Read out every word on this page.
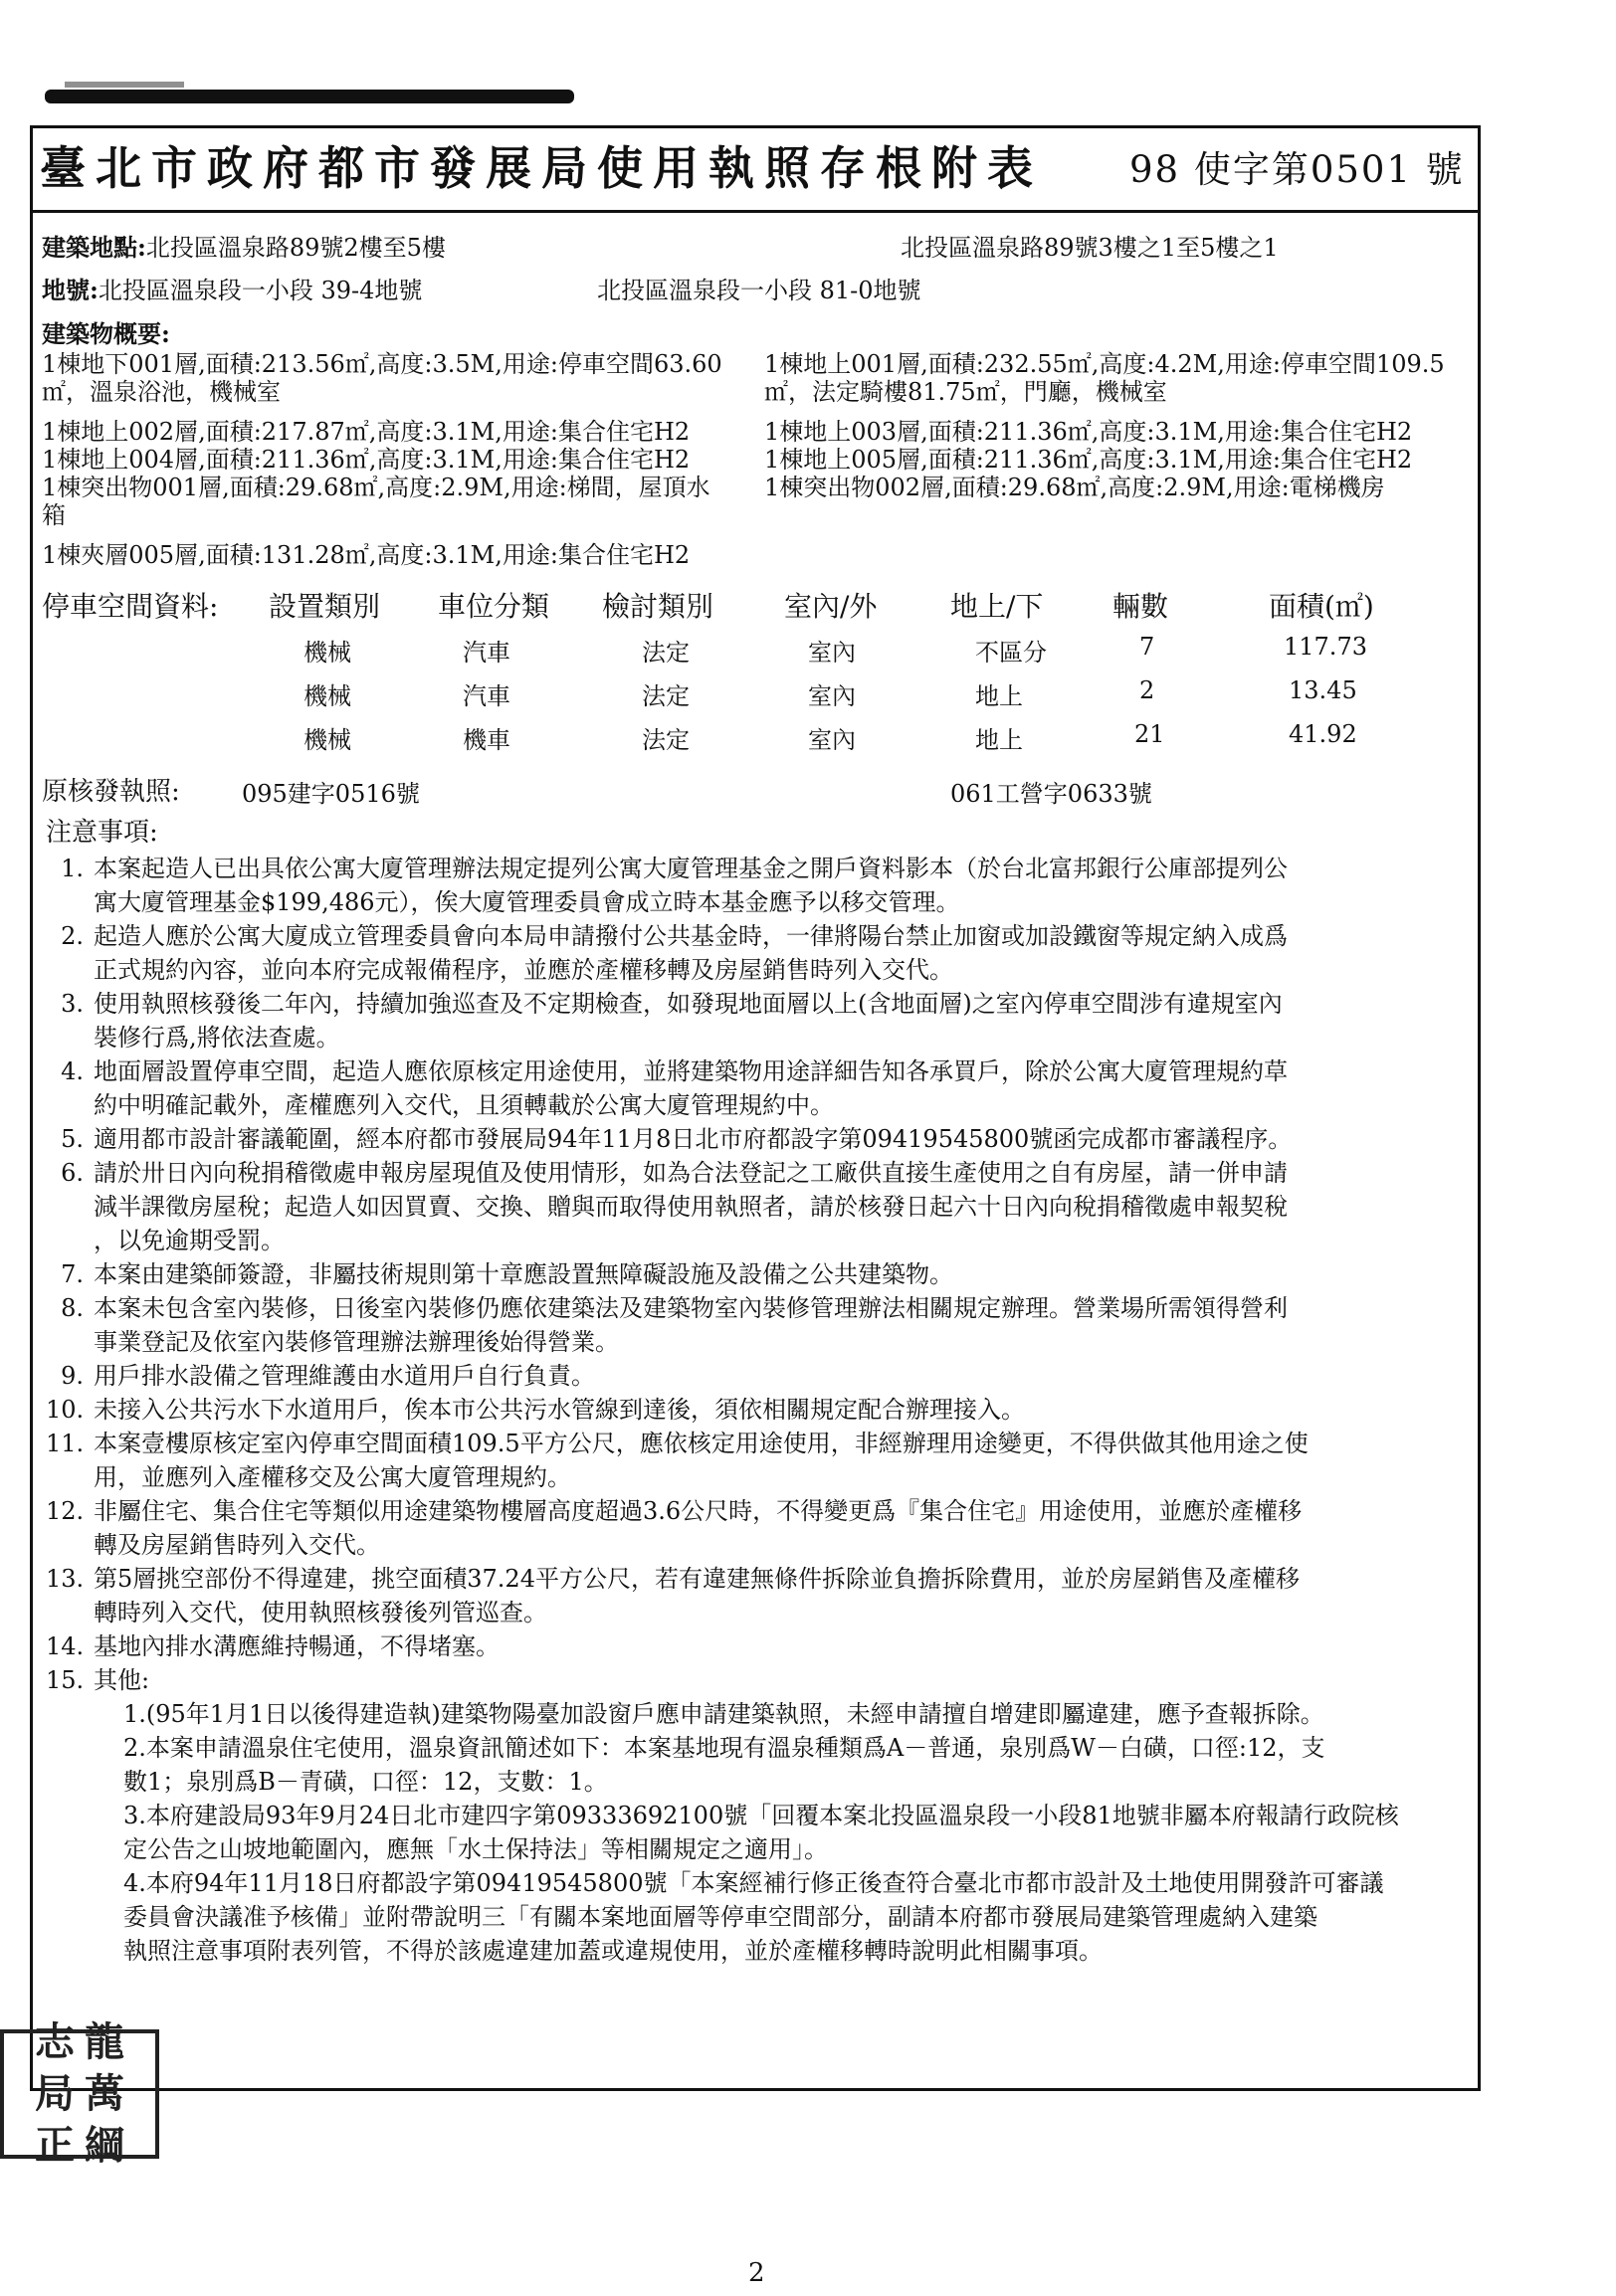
臺北市政府都市發展局使用執照存根附表 98 使字第0501 號
建築地點:北投區溫泉路89號2樓至5樓	北投區溫泉路89號3樓之1至5樓之1
地號:北投區溫泉段一小段 39-4地號	北投區溫泉段一小段 81-0地號
建築物概要:
1棟地下001層,面積:213.56㎡,高度:3.5M,用途:停車空間63.60
㎡，溫泉浴池，機械室
1棟地上002層,面積:217.87㎡,高度:3.1M,用途:集合住宅H2
1棟地上004層,面積:211.36㎡,高度:3.1M,用途:集合住宅H2
1棟突出物001層,面積:29.68㎡,高度:2.9M,用途:梯間，屋頂水
箱
1棟夾層005層,面積:131.28㎡,高度:3.1M,用途:集合住宅H2
1棟地上001層,面積:232.55㎡,高度:4.2M,用途:停車空間109.5
㎡，法定騎樓81.75㎡，門廳，機械室
1棟地上003層,面積:211.36㎡,高度:3.1M,用途:集合住宅H2
1棟地上005層,面積:211.36㎡,高度:3.1M,用途:集合住宅H2
1棟突出物002層,面積:29.68㎡,高度:2.9M,用途:電梯機房
停車空間資料: 設置類別 車位分類 檢討類別	室內/外	地上/下 輛數	面積(㎡)
機械	汽車	法定	室內	不區分	7	117.73
機械	汽車	法定	室內	地上	2	13.45
機械	機車	法定	室內	地上	21	41.92
原核發執照:	095建字0516號	061工營字0633號
注意事項:
1. 本案起造人已出具依公寓大廈管理辦法規定提列公寓大廈管理基金之開戶資料影本（於台北富邦銀行公庫部提列公
寓大廈管理基金$199,486元），俟大廈管理委員會成立時本基金應予以移交管理。
2. 起造人應於公寓大廈成立管理委員會向本局申請撥付公共基金時，一律將陽台禁止加窗或加設鐵窗等規定納入成爲
正式規約內容，並向本府完成報備程序，並應於產權移轉及房屋銷售時列入交代。
3. 使用執照核發後二年內，持續加強巡查及不定期檢查，如發現地面層以上(含地面層)之室內停車空間涉有違規室內
裝修行爲,將依法查處。
4. 地面層設置停車空間，起造人應依原核定用途使用，並將建築物用途詳細告知各承買戶，除於公寓大廈管理規約草
約中明確記載外，產權應列入交代，且須轉載於公寓大廈管理規約中。
5. 適用都市設計審議範圍，經本府都市發展局94年11月8日北市府都設字第09419545800號函完成都市審議程序。
6. 請於卅日內向稅捐稽徵處申報房屋現值及使用情形，如為合法登記之工廠供直接生產使用之自有房屋，請一併申請
減半課徵房屋稅；起造人如因買賣、交換、贈與而取得使用執照者，請於核發日起六十日內向稅捐稽徵處申報契稅
，以免逾期受罰。
7. 本案由建築師簽證，非屬技術規則第十章應設置無障礙設施及設備之公共建築物。
8. 本案未包含室內裝修，日後室內裝修仍應依建築法及建築物室內裝修管理辦法相關規定辦理。營業場所需領得營利
事業登記及依室內裝修管理辦法辦理後始得營業。
9. 用戶排水設備之管理維護由水道用戶自行負責。
10. 未接入公共污水下水道用戶，俟本市公共污水管線到達後，須依相關規定配合辦理接入。
11. 本案壹樓原核定室內停車空間面積109.5平方公尺，應依核定用途使用，非經辦理用途變更，不得供做其他用途之使
用，並應列入產權移交及公寓大廈管理規約。
12. 非屬住宅、集合住宅等類似用途建築物樓層高度超過3.6公尺時，不得變更爲『集合住宅』用途使用，並應於產權移
轉及房屋銷售時列入交代。
13. 第5層挑空部份不得違建，挑空面積37.24平方公尺，若有違建無條件拆除並負擔拆除費用，並於房屋銷售及產權移
轉時列入交代，使用執照核發後列管巡查。
14. 基地內排水溝應維持暢通，不得堵塞。
15. 其他:
1.(95年1月1日以後得建造執)建築物陽臺加設窗戶應申請建築執照，未經申請擅自增建即屬違建，應予查報拆除。
2.本案申請溫泉住宅使用，溫泉資訊簡述如下：本案基地現有溫泉種類爲A－普通，泉別爲W－白磺，口徑:12，支
數1；泉別爲B－青磺，口徑：12，支數：1。
3.本府建設局93年9月24日北市建四字第09333692100號「回覆本案北投區溫泉段一小段81地號非屬本府報請行政院核
定公告之山坡地範圍內，應無「水土保持法」等相關規定之適用」。
4.本府94年11月18日府都設字第09419545800號「本案經補行修正後查符合臺北市都市設計及土地使用開發許可審議
委員會決議准予核備」並附帶說明三「有關本案地面層等停車空間部分，副請本府都市發展局建築管理處納入建築
執照注意事項附表列管，不得於該處違建加蓋或違規使用，並於產權移轉時說明此相關事項。
志 龍
局 萬
正 綱
2
